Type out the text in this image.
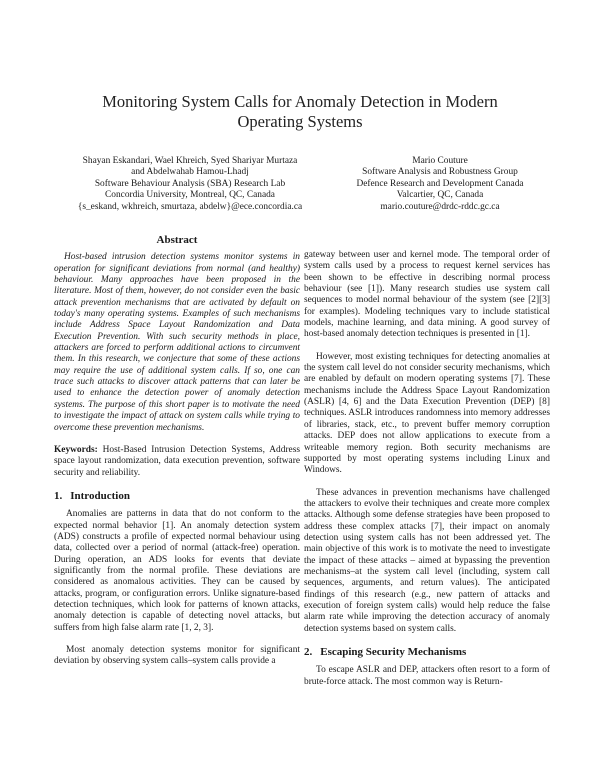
Monitoring System Calls for Anomaly Detection in Modern
Operating Systems
Shayan Eskandari, Wael Khreich, Syed Shariyar Murtaza
and Abdelwahab Hamou-Lhadj
Software Behaviour Analysis (SBA) Research Lab
Concordia University, Montreal, QC, Canada
{s_eskand, wkhreich, smurtaza, abdelw}@ece.concordia.ca
Mario Couture
Software Analysis and Robustness Group
Defence Research and Development Canada
Valcartier, QC, Canada
mario.couture@drdc-rddc.gc.ca
Abstract

Host-based intrusion detection systems monitor systems in operation for significant deviations from normal (and healthy) behaviour. Many approaches have been proposed in the literature. Most of them, however, do not consider even the basic attack prevention mechanisms that are activated by default on today's many operating systems. Examples of such mechanisms include Address Space Layout Randomization and Data Execution Prevention. With such security methods in place, attackers are forced to perform additional actions to circumvent them. In this research, we conjecture that some of these actions may require the use of additional system calls. If so, one can trace such attacks to discover attack patterns that can later be used to enhance the detection power of anomaly detection systems. The purpose of this short paper is to motivate the need to investigate the impact of attack on system calls while trying to overcome these prevention mechanisms.

Keywords: Host-Based Intrusion Detection Systems, Address space layout randomization, data execution prevention, software security and reliability.

1. Introduction

Anomalies are patterns in data that do not conform to the expected normal behavior [1]. An anomaly detection system (ADS) constructs a profile of expected normal behaviour using data, collected over a period of normal (attack-free) operation. During operation, an ADS looks for events that deviate significantly from the normal profile. These deviations are considered as anomalous activities. They can be caused by attacks, program, or configuration errors. Unlike signature-based detection techniques, which look for patterns of known attacks, anomaly detection is capable of detecting novel attacks, but suffers from high false alarm rate [1, 2, 3].

Most anomaly detection systems monitor for significant deviation by observing system calls–system calls provide a

gateway between user and kernel mode. The temporal order of system calls used by a process to request kernel services has been shown to be effective in describing normal process behaviour (see [1]). Many research studies use system call sequences to model normal behaviour of the system (see [2][3] for examples). Modeling techniques vary to include statistical models, machine learning, and data mining. A good survey of host-based anomaly detection techniques is presented in [1].

However, most existing techniques for detecting anomalies at the system call level do not consider security mechanisms, which are enabled by default on modern operating systems [7]. These mechanisms include the Address Space Layout Randomization (ASLR) [4, 6] and the Data Execution Prevention (DEP) [8] techniques. ASLR introduces randomness into memory addresses of libraries, stack, etc., to prevent buffer memory corruption attacks. DEP does not allow applications to execute from a writeable memory region. Both security mechanisms are supported by most operating systems including Linux and Windows.

These advances in prevention mechanisms have challenged the attackers to evolve their techniques and create more complex attacks. Although some defense strategies have been proposed to address these complex attacks [7], their impact on anomaly detection using system calls has not been addressed yet. The main objective of this work is to motivate the need to investigate the impact of these attacks – aimed at bypassing the prevention mechanisms–at the system call level (including, system call sequences, arguments, and return values). The anticipated findings of this research (e.g., new pattern of attacks and execution of foreign system calls) would help reduce the false alarm rate while improving the detection accuracy of anomaly detection systems based on system calls.

2. Escaping Security Mechanisms

To escape ASLR and DEP, attackers often resort to a form of brute-force attack. The most common way is Return-
